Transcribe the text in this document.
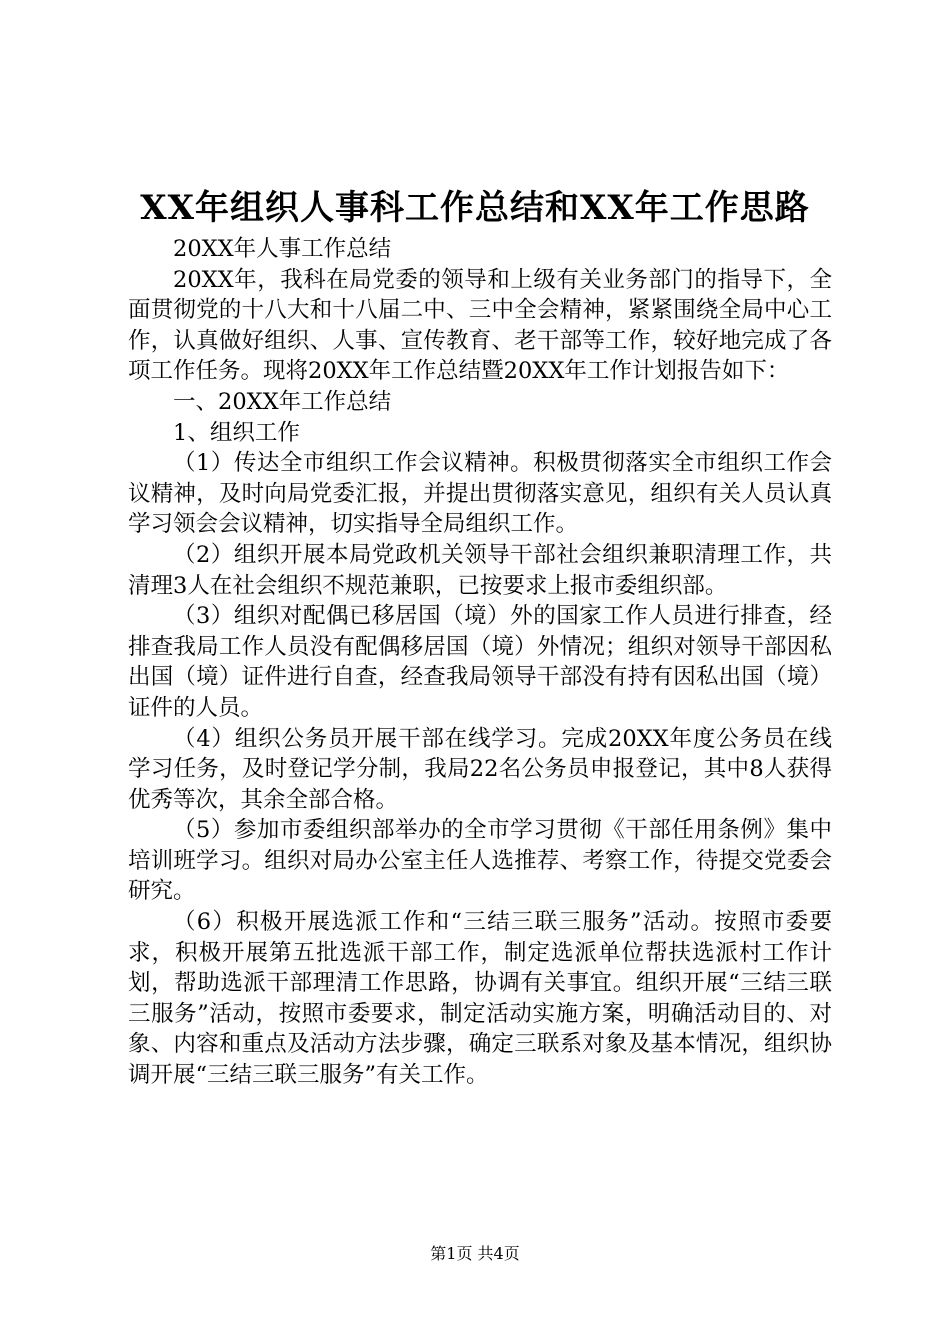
XX年组织人事科工作总结和XX年工作思路

20XX年人事工作总结

20XX年，我科在局党委的领导和上级有关业务部门的指导下，全面贯彻党的十八大和十八届二中、三中全会精神，紧紧围绕全局中心工作，认真做好组织、人事、宣传教育、老干部等工作，较好地完成了各项工作任务。现将20XX年工作总结暨20XX年工作计划报告如下：

一、20XX年工作总结

1、组织工作

（1）传达全市组织工作会议精神。积极贯彻落实全市组织工作会议精神，及时向局党委汇报，并提出贯彻落实意见，组织有关人员认真学习领会会议精神，切实指导全局组织工作。

（2）组织开展本局党政机关领导干部社会组织兼职清理工作，共清理3人在社会组织不规范兼职，已按要求上报市委组织部。

（3）组织对配偶已移居国（境）外的国家工作人员进行排查，经排查我局工作人员没有配偶移居国（境）外情况；组织对领导干部因私出国（境）证件进行自查，经查我局领导干部没有持有因私出国（境）证件的人员。

（4）组织公务员开展干部在线学习。完成20XX年度公务员在线学习任务，及时登记学分制，我局22名公务员申报登记，其中8人获得优秀等次，其余全部合格。

（5）参加市委组织部举办的全市学习贯彻《干部任用条例》集中培训班学习。组织对局办公室主任人选推荐、考察工作，待提交党委会研究。

（6）积极开展选派工作和“三结三联三服务”活动。按照市委要求，积极开展第五批选派干部工作，制定选派单位帮扶选派村工作计划，帮助选派干部理清工作思路，协调有关事宜。组织开展“三结三联三服务”活动，按照市委要求，制定活动实施方案，明确活动目的、对象、内容和重点及活动方法步骤，确定三联系对象及基本情况，组织协调开展“三结三联三服务”有关工作。

第1页 共4页
